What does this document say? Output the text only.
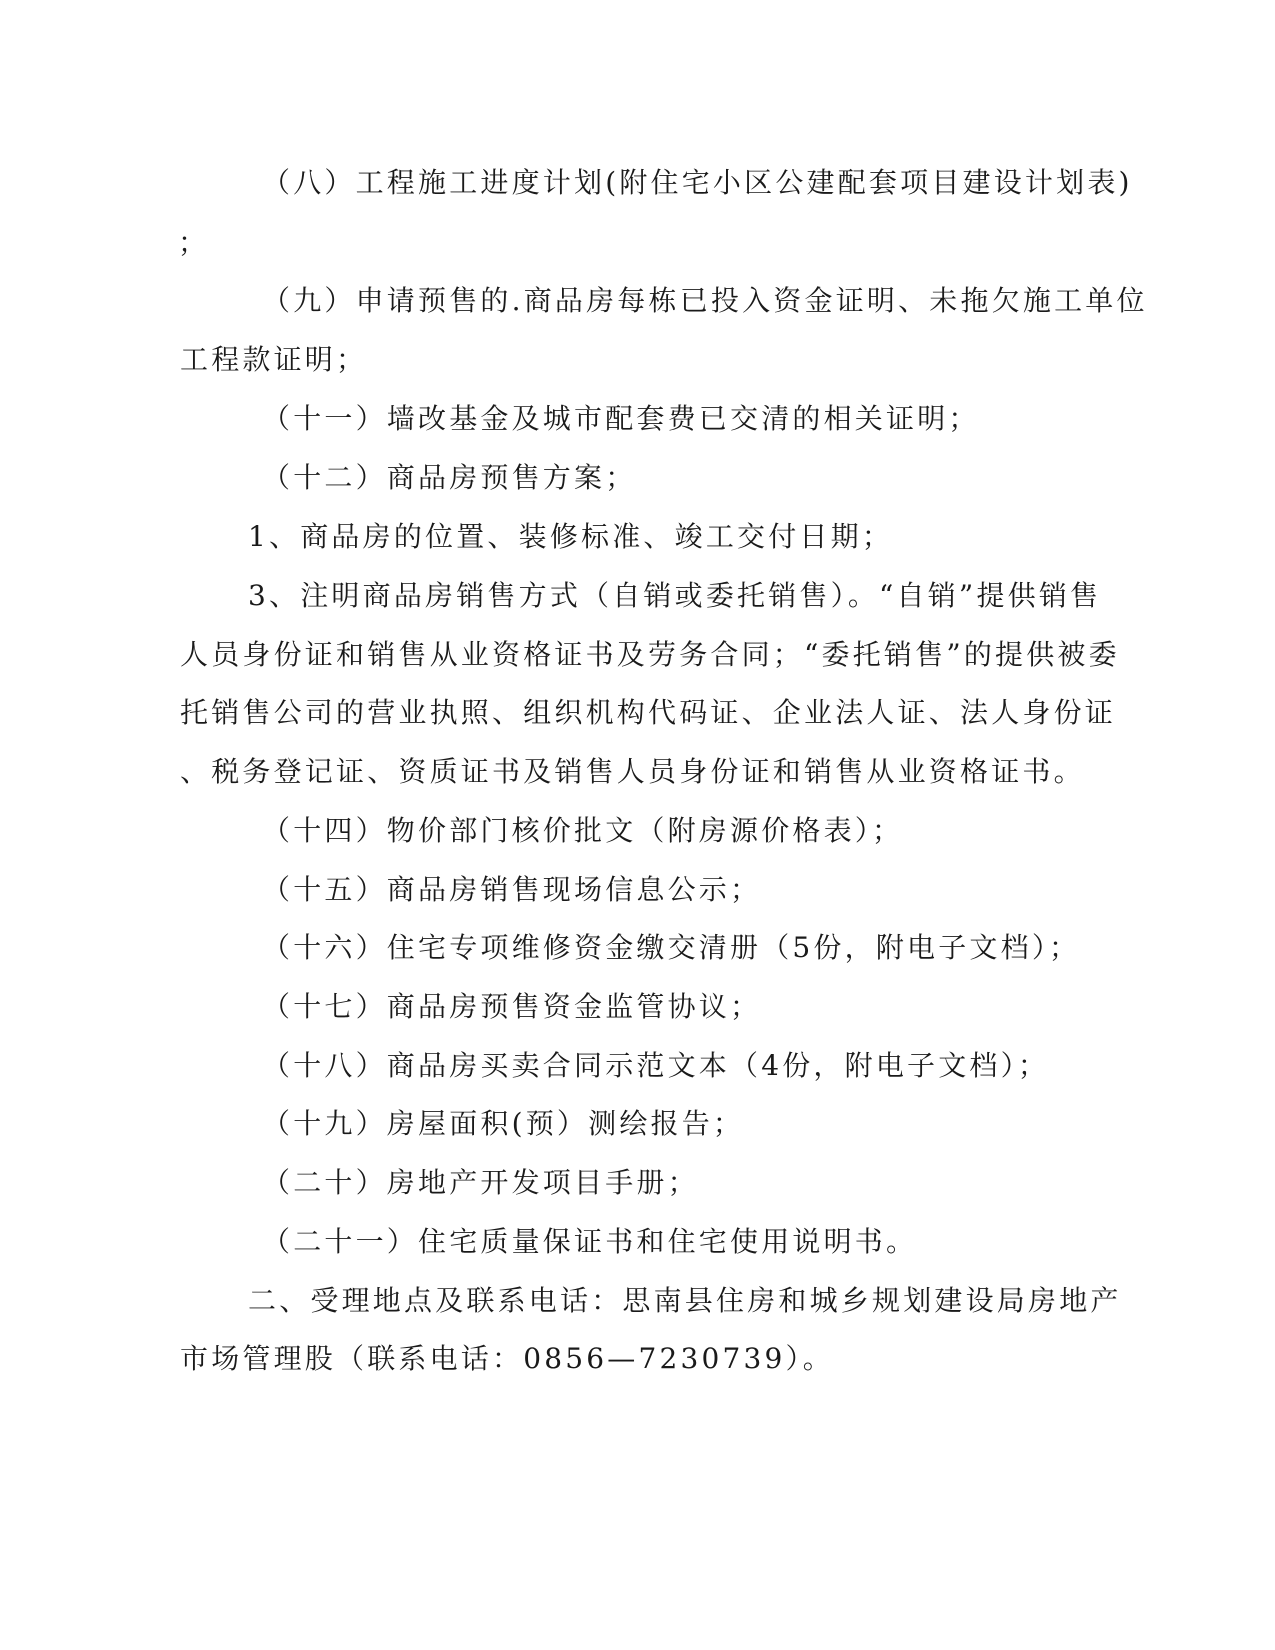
（八）工程施工进度计划(附住宅小区公建配套项目建设计划表)
；
（九）申请预售的.商品房每栋已投入资金证明、未拖欠施工单位
工程款证明；
（十一）墙改基金及城市配套费已交清的相关证明；
（十二）商品房预售方案；
1、商品房的位置、装修标准、竣工交付日期；
3、注明商品房销售方式（自销或委托销售）。“自销”提供销售
人员身份证和销售从业资格证书及劳务合同；“委托销售”的提供被委
托销售公司的营业执照、组织机构代码证、企业法人证、法人身份证
、税务登记证、资质证书及销售人员身份证和销售从业资格证书。
（十四）物价部门核价批文（附房源价格表）；
（十五）商品房销售现场信息公示；
（十六）住宅专项维修资金缴交清册（5份，附电子文档）；
（十七）商品房预售资金监管协议；
（十八）商品房买卖合同示范文本（4份，附电子文档）；
（十九）房屋面积(预）测绘报告；
（二十）房地产开发项目手册；
（二十一）住宅质量保证书和住宅使用说明书。
二、受理地点及联系电话：思南县住房和城乡规划建设局房地产
市场管理股（联系电话：0856—7230739）。
